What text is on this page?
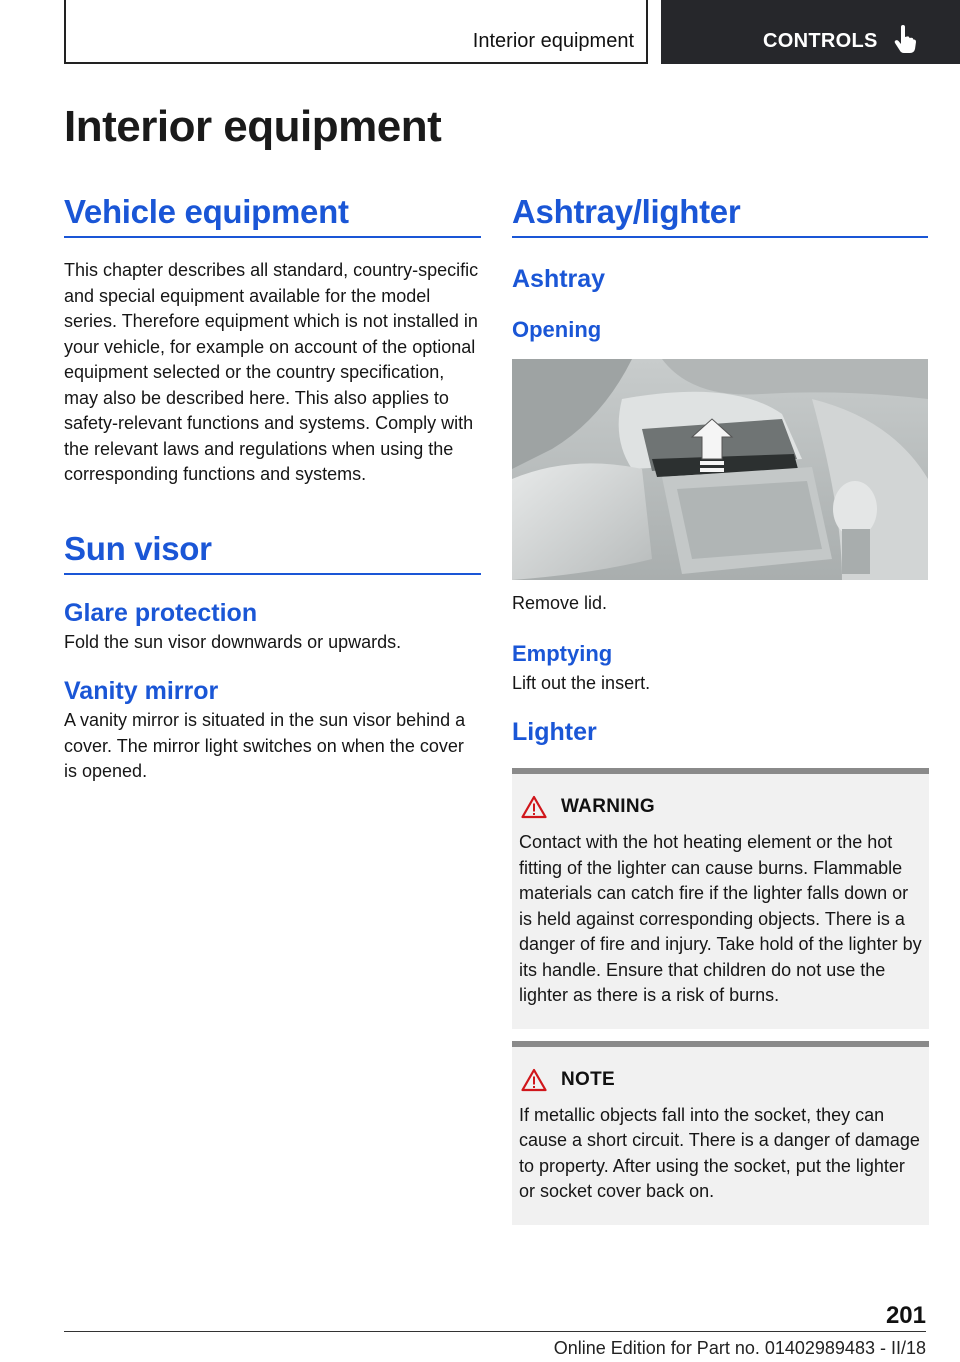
Interior equipment	CONTROLS
Interior equipment
Vehicle equipment

This chapter describes all standard, country-specific and special equipment available for the model series. Therefore equipment which is not installed in your vehicle, for example on account of the optional equipment selected or the country specification, may also be described here. This also applies to safety-relevant functions and systems. Comply with the relevant laws and regulations when using the corresponding functions and systems.

Sun visor
Glare protection

Fold the sun visor downwards or upwards.

Vanity mirror

A vanity mirror is situated in the sun visor behind a cover. The mirror light switches on when the cover is opened.

Ashtray/lighter
Ashtray
Opening

Remove lid.

Emptying

Lift out the insert.

Lighter
WARNING

Contact with the hot heating element or the hot fitting of the lighter can cause burns. Flammable materials can catch fire if the lighter falls down or is held against corresponding objects. There is a danger of fire and injury. Take hold of the lighter by its handle. Ensure that children do not use the lighter as there is a risk of burns.

NOTE

If metallic objects fall into the socket, they can cause a short circuit. There is a danger of damage to property. After using the socket, put the lighter or socket cover back on.

201
Online Edition for Part no. 01402989483 - II/18
